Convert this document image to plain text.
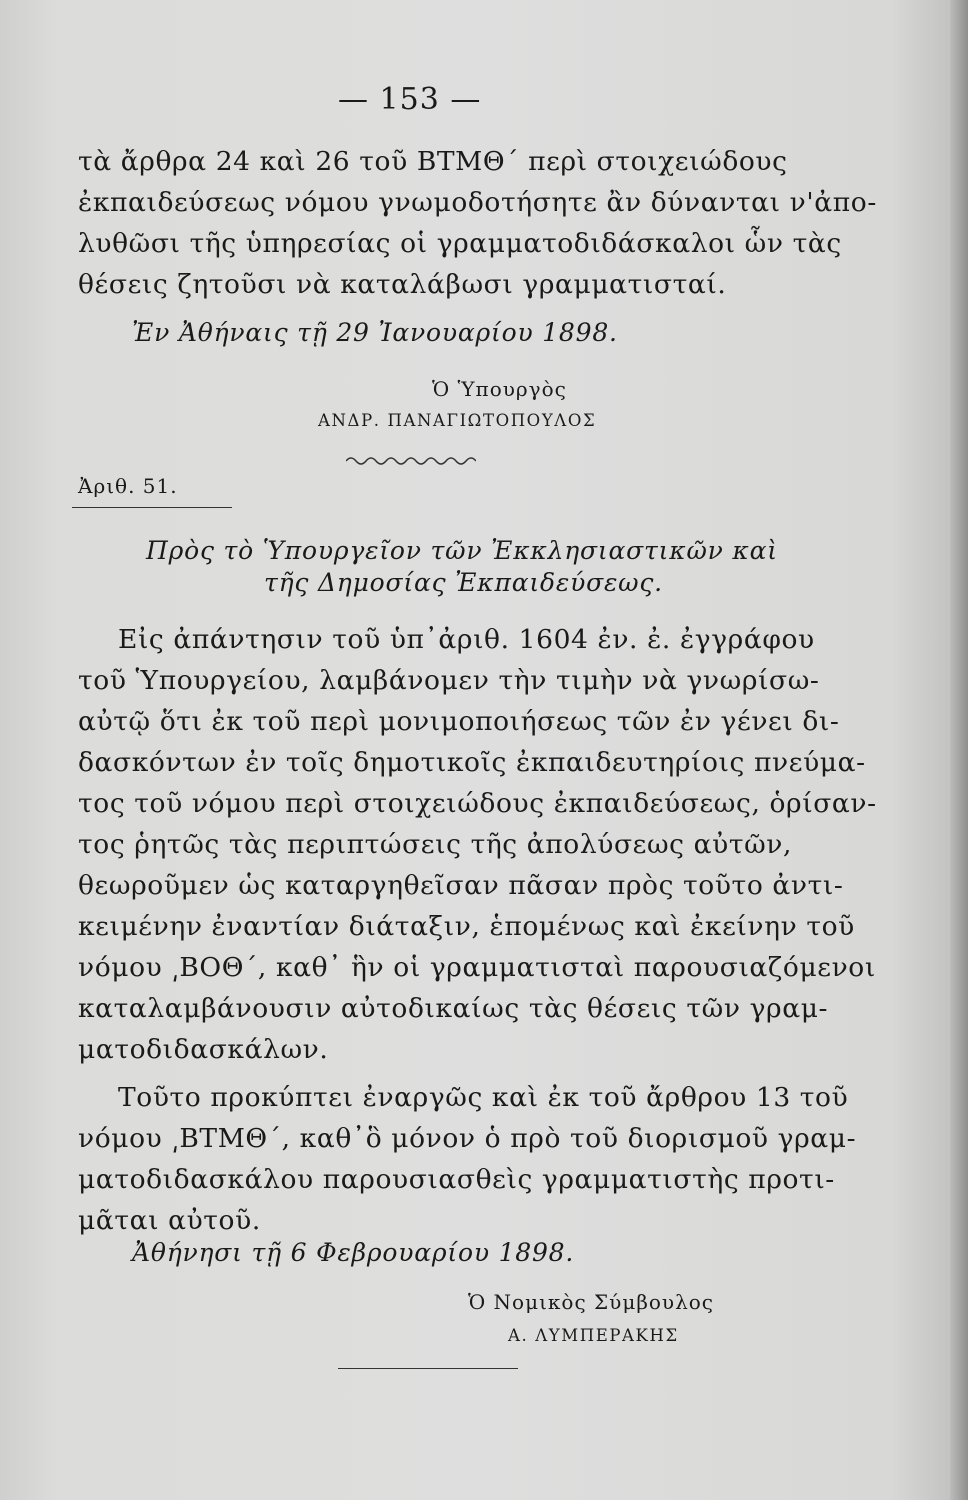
— 153 —
τὰ ἄρθρα 24 καὶ 26 τοῦ ΒΤΜΘ΄ περὶ στοιχειώδους
ἐκπαιδεύσεως νόμου γνωμοδοτήσητε ἂν δύνανται ν'ἀπο-
λυθῶσι τῆς ὑπηρεσίας οἱ γραμματοδιδάσκαλοι ὧν τὰς
θέσεις ζητοῦσι νὰ καταλάβωσι γραμματισταί.
Ἐν Ἀθήναις τῇ 29 Ἰανουαρίου 1898.
Ὁ Ὑπουργὸς
ΑΝΔΡ. ΠΑΝΑΓΙΩΤΟΠΟΥΛΟΣ
Ἀριθ. 51.
Πρὸς τὸ Ὑπουργεῖον τῶν Ἐκκλησιαστικῶν καὶ
τῆς Δημοσίας Ἐκπαιδεύσεως.
Εἰς ἀπάντησιν τοῦ ὑπ᾽ἀριθ. 1604 ἐν. ἐ. ἐγγράφου
τοῦ Ὑπουργείου, λαμβάνομεν τὴν τιμὴν νὰ γνωρίσω-
αὐτῷ ὅτι ἐκ τοῦ περὶ μονιμοποιήσεως τῶν ἐν γένει δι-
δασκόντων ἐν τοῖς δημοτικοῖς ἐκπαιδευτηρίοις πνεύμα-
τος τοῦ νόμου περὶ στοιχειώδους ἐκπαιδεύσεως, ὁρίσαν-
τος ῥητῶς τὰς περιπτώσεις τῆς ἀπολύσεως αὐτῶν,
θεωροῦμεν ὡς καταργηθεῖσαν πᾶσαν πρὸς τοῦτο ἀντι-
κειμένην ἐναντίαν διάταξιν, ἑπομένως καὶ ἐκείνην τοῦ
νόμου ͵ΒΟΘ΄, καθ᾽ ἣν οἱ γραμματισταὶ παρουσιαζόμενοι
καταλαμβάνουσιν αὐτοδικαίως τὰς θέσεις τῶν γραμ-
ματοδιδασκάλων.
Τοῦτο προκύπτει ἐναργῶς καὶ ἐκ τοῦ ἄρθρου 13 τοῦ
νόμου ͵ΒΤΜΘ΄, καθ᾽ὃ μόνον ὁ πρὸ τοῦ διορισμοῦ γραμ-
ματοδιδασκάλου παρουσιασθεὶς γραμματιστὴς προτι-
μᾶται αὐτοῦ.
Ἀθήνησι τῇ 6 Φεβρουαρίου 1898.
Ὁ Νομικὸς Σύμβουλος
Α. ΛΥΜΠΕΡΑΚΗΣ
